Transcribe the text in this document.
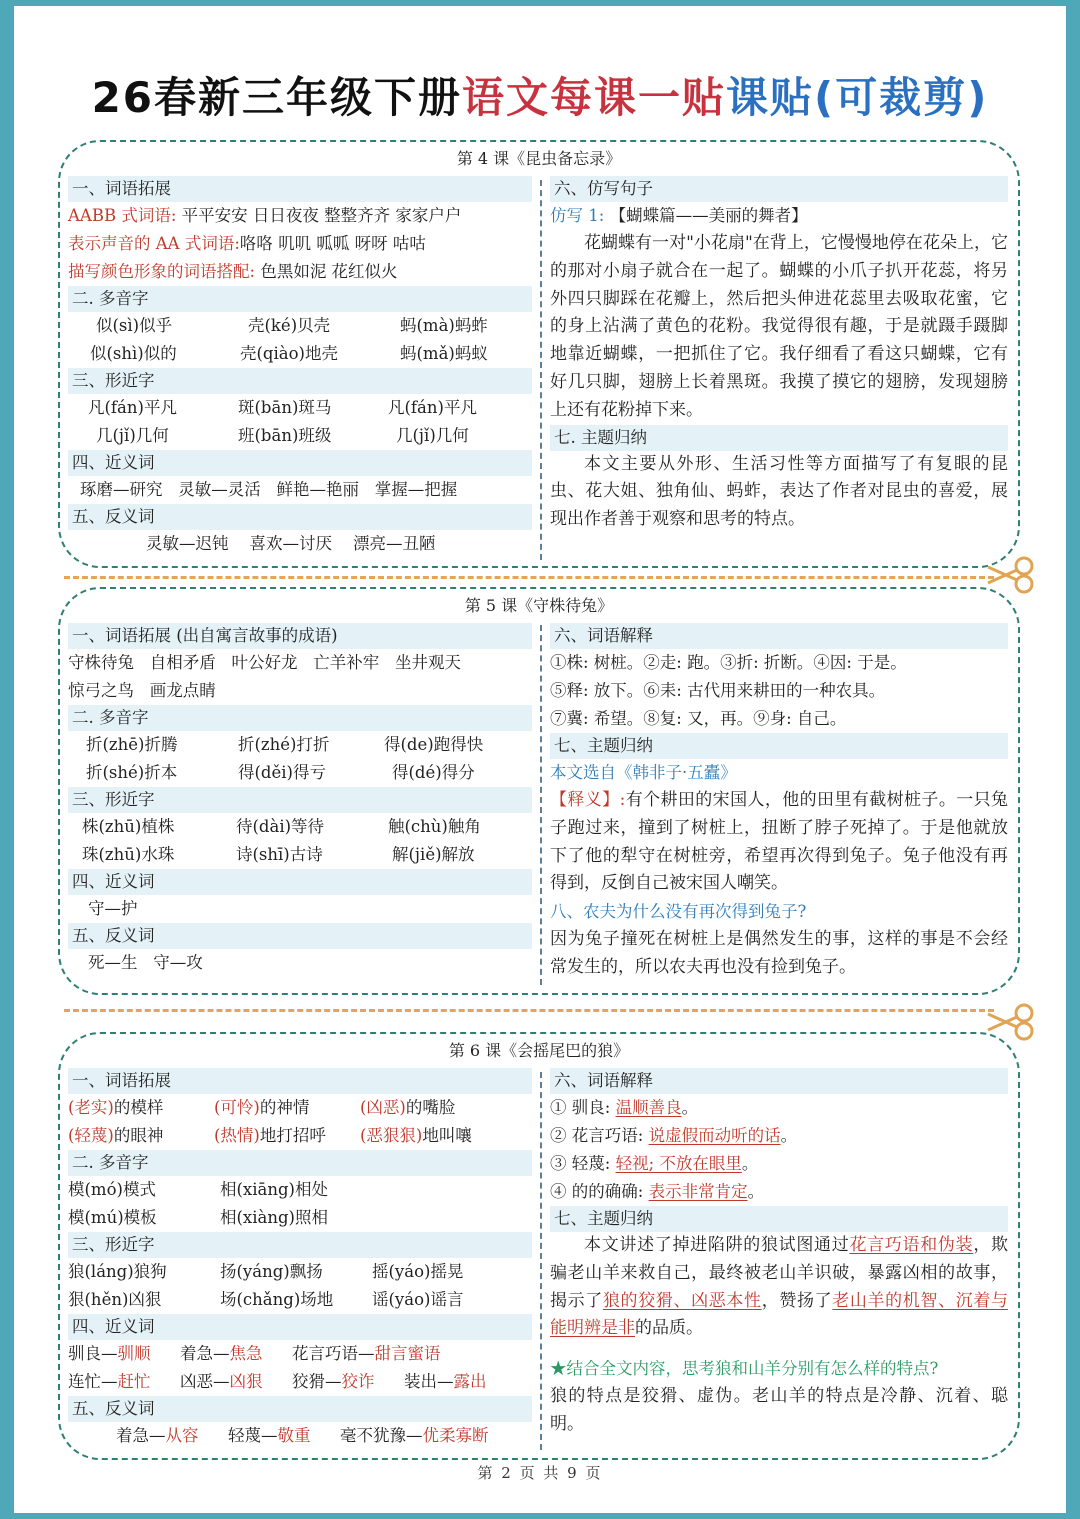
26春新三年级下册语文每课一贴课贴(可裁剪)
第 4 课《昆虫备忘录》
一、词语拓展
AABB 式词语: 平平安安 日日夜夜 整整齐齐 家家户户
表示声音的 AA 式词语:咯咯 叽叽 呱呱 呀呀 咕咕
描写颜色形象的词语搭配: 色黑如泥 花红似火
二. 多音字
似(sì)似乎	壳(ké)贝壳	蚂(mà)蚂蚱
似(shì)似的	壳(qiào)地壳	蚂(mǎ)蚂蚁
三、形近字
凡(fán)平凡	斑(bān)斑马	凡(fán)平凡
几(jǐ)几何	班(bān)班级	几(jǐ)几何
四、近义词
琢磨—研究   灵敏—灵活   鲜艳—艳丽   掌握—把握
五、反义词
灵敏—迟钝    喜欢—讨厌    漂亮—丑陋
六、仿写句子
仿写 1: 【蝴蝶篇——美丽的舞者】

花蝴蝶有一对"小花扇"在背上，它慢慢地停在花朵上，它的那对小扇子就合在一起了。蝴蝶的小爪子扒开花蕊，将另外四只脚踩在花瓣上，然后把头伸进花蕊里去吸取花蜜，它的身上沾满了黄色的花粉。我觉得很有趣，于是就蹑手蹑脚地靠近蝴蝶，一把抓住了它。我仔细看了看这只蝴蝶，它有好几只脚，翅膀上长着黑斑。我摸了摸它的翅膀，发现翅膀上还有花粉掉下来。

七. 主题归纳

本文主要从外形、生活习性等方面描写了有复眼的昆虫、花大姐、独角仙、蚂蚱，表达了作者对昆虫的喜爱，展现出作者善于观察和思考的特点。

第 5 课《守株待兔》
一、词语拓展 (出自寓言故事的成语)
守株待兔   自相矛盾   叶公好龙   亡羊补牢   坐井观天
惊弓之鸟   画龙点睛
二. 多音字
折(zhē)折腾	折(zhé)打折	得(de)跑得快
折(shé)折本	得(děi)得亏	得(dé)得分
三、形近字
株(zhū)植株	待(dài)等待	触(chù)触角
珠(zhū)水珠	诗(shī)古诗	解(jiě)解放
四、近义词
守—护
五、反义词
死—生   守—攻
六、词语解释
①株: 树桩。②走: 跑。③折: 折断。④因: 于是。
⑤释: 放下。⑥耒: 古代用来耕田的一种农具。
⑦冀: 希望。⑧复: 又，再。⑨身: 自己。
七、主题归纳
本文选自《韩非子·五蠹》

【释义】:有个耕田的宋国人，他的田里有截树桩子。一只兔子跑过来，撞到了树桩上，扭断了脖子死掉了。于是他就放下了他的犁守在树桩旁，希望再次得到兔子。兔子他没有再得到，反倒自己被宋国人嘲笑。

八、农夫为什么没有再次得到兔子?

因为兔子撞死在树桩上是偶然发生的事，这样的事是不会经常发生的，所以农夫再也没有捡到兔子。

第 6 课《会摇尾巴的狼》
一、词语拓展
(老实)的模样	(可怜)的神情	(凶恶)的嘴脸
(轻蔑)的眼神	(热情)地打招呼 (恶狠狠)地叫嚷
二. 多音字
模(mó)模式	相(xiāng)相处
模(mú)模板	相(xiàng)照相
三、形近字
狼(láng)狼狗	扬(yáng)飘扬	摇(yáo)摇晃
狠(hěn)凶狠	场(chǎng)场地 谣(yáo)谣言
四、近义词
驯良—驯顺 着急—焦急 花言巧语—甜言蜜语
连忙—赶忙 凶恶—凶狠 狡猾—狡诈 装出—露出
五、反义词
着急—从容 轻蔑—敬重 毫不犹豫—优柔寡断
六、词语解释
① 驯良: 温顺善良。
② 花言巧语: 说虚假而动听的话。
③ 轻蔑: 轻视; 不放在眼里。
④ 的的确确: 表示非常肯定。
七、主题归纳

本文讲述了掉进陷阱的狼试图通过花言巧语和伪装，欺骗老山羊来救自己，最终被老山羊识破，暴露凶相的故事，揭示了狼的狡猾、凶恶本性，赞扬了老山羊的机智、沉着与能明辨是非的品质。

★结合全文内容，思考狼和山羊分别有怎么样的特点?

狼的特点是狡猾、虚伪。老山羊的特点是冷静、沉着、聪明。

第 2 页 共 9 页
